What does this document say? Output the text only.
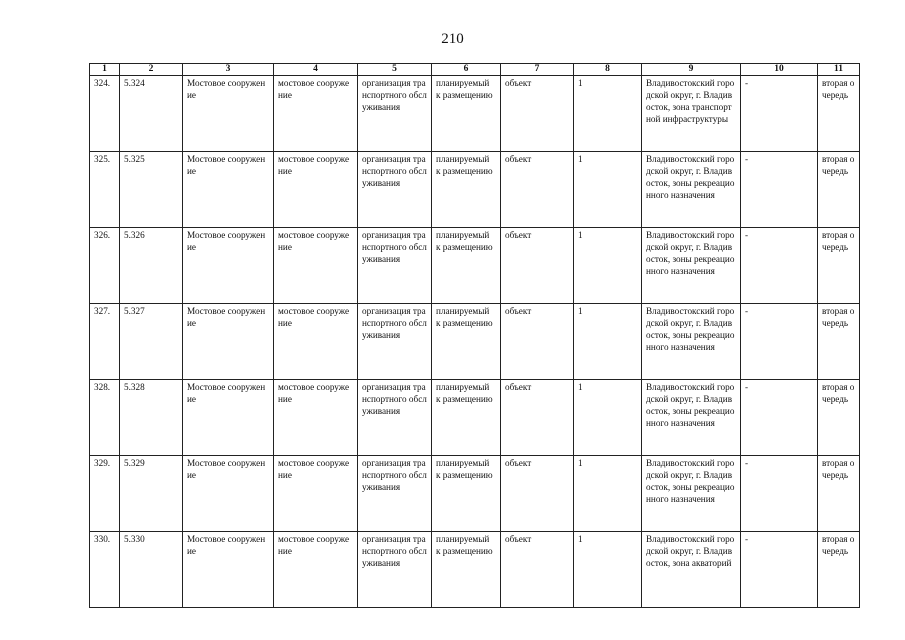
210
1	2	3	4	5	6	7	8	9	10	11
324.	5.324	Мостовое сооружение	мостовое сооружение	организация транспортного обслуживания	планируемый к размещению	объект	1	Владивостокский городской округ, г. Владивосток, зона транспортной инфраструктуры	-	вторая очередь
325.	5.325	Мостовое сооружение	мостовое сооружение	организация транспортного обслуживания	планируемый к размещению	объект	1	Владивостокский городской округ, г. Владивосток, зоны рекреационного назначения	-	вторая очередь
326.	5.326	Мостовое сооружение	мостовое сооружение	организация транспортного обслуживания	планируемый к размещению	объект	1	Владивостокский городской округ, г. Владивосток, зоны рекреационного назначения	-	вторая очередь
327.	5.327	Мостовое сооружение	мостовое сооружение	организация транспортного обслуживания	планируемый к размещению	объект	1	Владивостокский городской округ, г. Владивосток, зоны рекреационного назначения	-	вторая очередь
328.	5.328	Мостовое сооружение	мостовое сооружение	организация транспортного обслуживания	планируемый к размещению	объект	1	Владивостокский городской округ, г. Владивосток, зоны рекреационного назначения	-	вторая очередь
329.	5.329	Мостовое сооружение	мостовое сооружение	организация транспортного обслуживания	планируемый к размещению	объект	1	Владивостокский городской округ, г. Владивосток, зоны рекреационного назначения	-	вторая очередь
330.	5.330	Мостовое сооружение	мостовое сооружение	организация транспортного обслуживания	планируемый к размещению	объект	1	Владивостокский городской округ, г. Владивосток, зона акваторий	-	вторая очередь
